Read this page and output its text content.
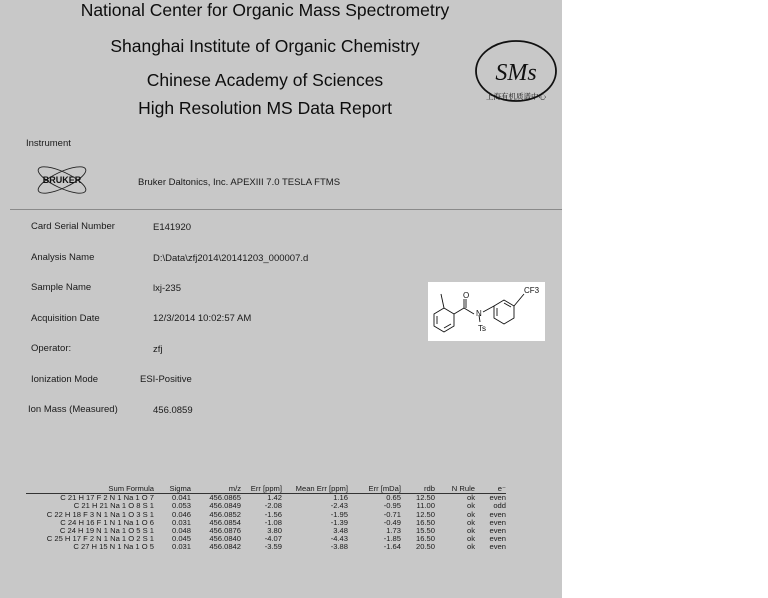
National Center for Organic Mass Spectrometry
Shanghai Institute of Organic Chemistry
Chinese Academy of Sciences
High Resolution MS Data Report
SMs
上海有机质谱中心
Instrument
BRUKER	Bruker Daltonics, Inc. APEXIII 7.0 TESLA FTMS
Card Serial Number	E141920
Analysis Name	D:\Data\zfj2014\20141203_000007.d
Sample Name	lxj-235
Acquisition Date	12/3/2014 10:02:57 AM
Operator:	zfj
Ionization Mode	ESI-Positive
Ion Mass (Measured)	456.0859
O
N
Ts
CF3
Sum Formula	Sigma	m/z	Err [ppm]	Mean Err [ppm]	Err [mDa]	rdb	N Rule	e⁻
C 21 H 17 F 2 N 1 Na 1 O 7	0.041	456.0865	1.42	1.16	0.65	12.50	ok	even
C 21 H 21 Na 1 O 8 S 1	0.053	456.0849	-2.08	-2.43	-0.95	11.00	ok	odd
C 22 H 18 F 3 N 1 Na 1 O 3 S 1	0.046	456.0852	-1.56	-1.95	-0.71	12.50	ok	even
C 24 H 16 F 1 N 1 Na 1 O 6	0.031	456.0854	-1.08	-1.39	-0.49	16.50	ok	even
C 24 H 19 N 1 Na 1 O 5 S 1	0.048	456.0876	3.80	3.48	1.73	15.50	ok	even
C 25 H 17 F 2 N 1 Na 1 O 2 S 1	0.045	456.0840	-4.07	-4.43	-1.85	16.50	ok	even
C 27 H 15 N 1 Na 1 O 5	0.031	456.0842	-3.59	-3.88	-1.64	20.50	ok	even
